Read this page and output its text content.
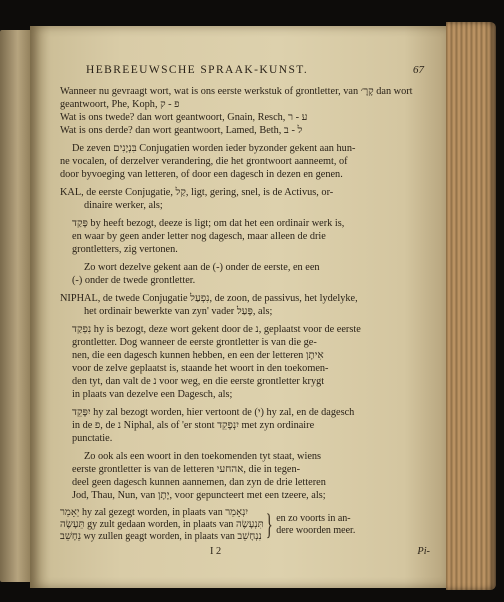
HEBREEUWSCHE SPRAAK-KUNST.	67
Wanneer nu gevraagt wort, wat is ons eerste werkstuk of grontletter, van קָרָ׳ dan wort geantwoort, Phe, Koph, פ - ק
Wat is ons twede? dan wort geantwoort, Gnain, Resch, ע - ר
Wat is ons derde? dan wort geantwoort, Lamed, Beth, ל - ב
De zeven בִּנְיָנִים Conjugatien worden ieder byzonder gekent aan hun-
ne vocalen, of derzelver verandering, die het grontwoort aanneemt, of
door byvoeging van letteren, of door een dagesch in dezen en genen.
KAL, de eerste Conjugatie, קַל, ligt, gering, snel, is de Activus, or-
dinaire werker, als;
פָּקַד by heeft bezogt, deeze is ligt; om dat het een ordinair werk is,
en waar by geen ander letter nog dagesch, maar alleen de drie
grontletters, zig vertonen.
Zo wort dezelve gekent aan de (-) onder de eerste, en een
(-) onder de twede grontletter.
NIPHAL, de twede Conjugatie נִפְעַל, de zoon, de passivus, het lydelyke,
het ordinair bewerkte van zyn' vader פָּעַל, als;
נִפְקַד hy is bezogt, deze wort gekent door de נ, geplaatst voor de eerste
grontletter. Dog wanneer de eerste grontletter is van die ge-
nen, die een dagesch kunnen hebben, en een der letteren אִיתָן
voor de zelve geplaatst is, staande het woort in den toekomen-
den tyt, dan valt de נ voor weg, en die eerste grontletter krygt
in plaats van dezelve een Dagesch, als;
יִפָּקֵד hy zal bezogt worden, hier vertoont de (י) hy zal, en de dagesch
in de פ, de נ Niphal, als of 'er stont יִנְפָקֵד met zyn ordinaire
punctatie.
Zo ook als een woort in den toekomenden tyt staat, wiens
eerste grontletter is van de letteren אהחעי, die in tegen-
deel geen dagesch kunnen aannemen, dan zyn de drie letteren
Jod, Thau, Nun, van יָתָן, voor gepuncteert met een tzeere, als;
יֵאָמֵר hy zal gezegt worden, in plaats van יִנְאָמֵר
תֵּעָשֶׂה gy zult gedaan worden, in plaats van תִּנְעָשֶׂה
נֵחָשֵׁב wy zullen geagt worden, in plaats van נִנְחָשֵׁב } en zo voorts in an-
dere woorden meer.
I 2	Pi-
